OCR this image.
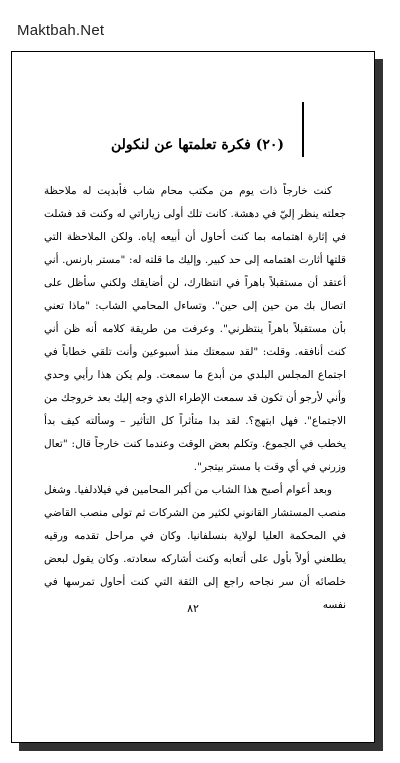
Maktbah.Net
(٢٠) فكرة تعلمتها عن لنكولن

كنت خارجاً ذات يوم من مكتب محام شاب فأبديت له ملاحظة جعلته ينظر إليّ في دهشة. كانت تلك أولى زياراتي له وكنت قد فشلت في إثارة اهتمامه بما كنت أحاول أن أبيعه إياه. ولكن الملاحظة التي قلتها أثارت اهتمامه إلى حد كبير. وإليك ما قلته له: "مستر بارنس. أني أعتقد أن مستقبلاً باهراً في انتظارك، لن أضايقك ولكني سأظل على اتصال بك من حين إلى حين". وتساءل المحامي الشاب: "ماذا تعني بأن مستقبلاً باهراً ينتظرني". وعرفت من طريقة كلامه أنه ظن أني كنت أنافقه. وقلت: "لقد سمعتك منذ أسبوعين وأنت تلقي خطاباً في اجتماع المجلس البلدي من أبدع ما سمعت. ولم يكن هذا رأيي وحدي وأني لأرجو أن تكون قد سمعت الإطراء الذي وجه إليك بعد خروجك من الاجتماع". فهل ابتهج؟. لقد بدا متأثراً كل التأثير – وسألته كيف بدأ يخطب في الجموع. وتكلم بعض الوقت وعندما كنت خارجاً قال: "تعال وزرني في أي وقت يا مستر بيتجر".

وبعد أعوام أصبح هذا الشاب من أكبر المحامين في فيلادلفيا. وشغل منصب المستشار القانوني لكثير من الشركات ثم تولى منصب القاضي في المحكمة العليا لولاية بنسلفانيا. وكان في مراحل تقدمه ورقيه يطلعني أولاً بأول على أتعابه وكنت أشاركه سعادته. وكان يقول لبعض خلصائه أن سر نجاحه راجع إلى الثقة التي كنت أحاول تمرسها في نفسه

٨٢
